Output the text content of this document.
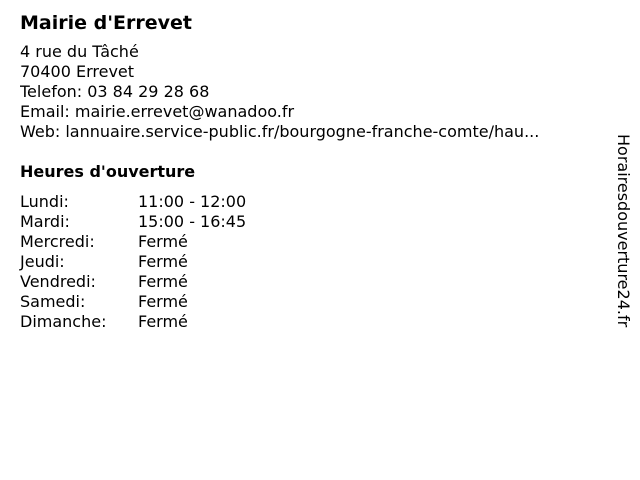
Mairie d'Errevet
4 rue du Tâché
70400 Errevet
Telefon: 03 84 29 28 68
Email: mairie.errevet@wanadoo.fr
Web: lannuaire.service-public.fr/bourgogne-franche-comte/hau...
Heures d'ouverture
Lundi:	11:00 - 12:00
Mardi:	15:00 - 16:45
Mercredi:	Fermé
Jeudi:	Fermé
Vendredi:	Fermé
Samedi:	Fermé
Dimanche: Fermé	Horairesdouverture24.fr
